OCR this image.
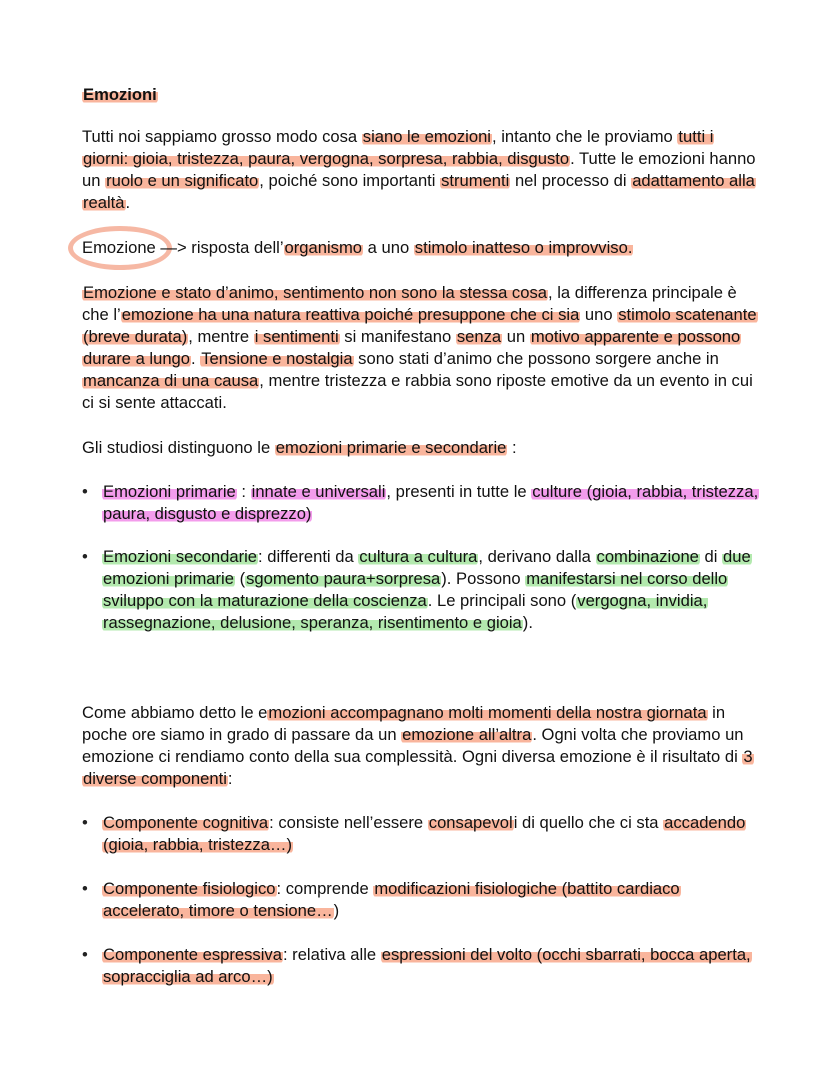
Emozioni

Tutti noi sappiamo grosso modo cosa siano le emozioni, intanto che le proviamo tutti i giorni: gioia, tristezza, paura, vergogna, sorpresa, rabbia, disgusto. Tutte le emozioni hanno un ruolo e un significato, poiché sono importanti strumenti nel processo di adattamento alla realtà.

Emozione —> risposta dell’organismo a uno stimolo inatteso o improvviso.

Emozione e stato d’animo, sentimento non sono la stessa cosa, la differenza principale è che l’emozione ha una natura reattiva poiché presuppone che ci sia uno stimolo scatenante (breve durata), mentre i sentimenti si manifestano senza un motivo apparente e possono durare a lungo. Tensione e nostalgia sono stati d’animo che possono sorgere anche in mancanza di una causa, mentre tristezza e rabbia sono riposte emotive da un evento in cui ci si sente attaccati.

Gli studiosi distinguono le emozioni primarie e secondarie :

• Emozioni primarie : innate e universali, presenti in tutte le culture (gioia, rabbia, tristezza, paura, disgusto e disprezzo)
• Emozioni secondarie: differenti da cultura a cultura, derivano dalla combinazione di due emozioni primarie (sgomento paura+sorpresa). Possono manifestarsi nel corso dello sviluppo con la maturazione della coscienza. Le principali sono (vergogna, invidia, rassegnazione, delusione, speranza, risentimento e gioia).

Come abbiamo detto le emozioni accompagnano molti momenti della nostra giornata in poche ore siamo in grado di passare da un emozione all’altra. Ogni volta che proviamo un emozione ci rendiamo conto della sua complessità. Ogni diversa emozione è il risultato di 3 diverse componenti:

• Componente cognitiva: consiste nell’essere consapevoli di quello che ci sta accadendo (gioia, rabbia, tristezza…)
• Componente fisiologico: comprende modificazioni fisiologiche (battito cardiaco accelerato, timore o tensione…)
• Componente espressiva: relativa alle espressioni del volto (occhi sbarrati, bocca aperta, sopracciglia ad arco…)
